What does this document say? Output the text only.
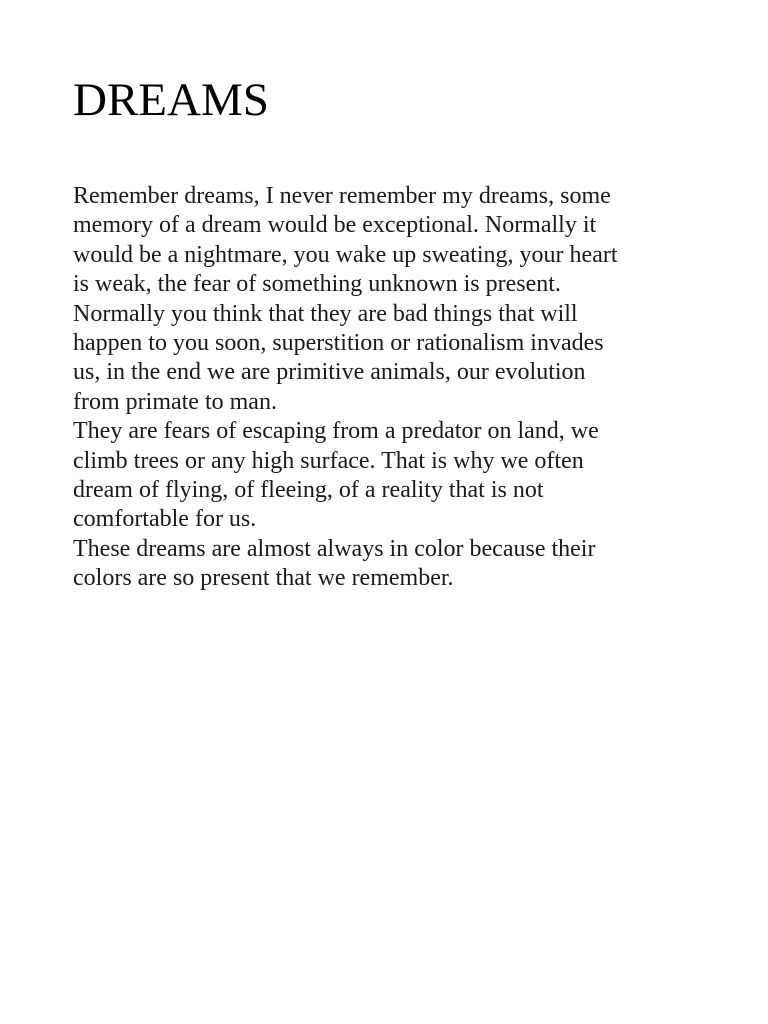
DREAMS
Remember dreams, I never remember my dreams, some
memory of a dream would be exceptional. Normally it
would be a nightmare, you wake up sweating, your heart
is weak, the fear of something unknown is present.
Normally you think that they are bad things that will
happen to you soon, superstition or rationalism invades
us, in the end we are primitive animals, our evolution
from primate to man.
They are fears of escaping from a predator on land, we
climb trees or any high surface. That is why we often
dream of flying, of fleeing, of a reality that is not
comfortable for us.
These dreams are almost always in color because their
colors are so present that we remember.
